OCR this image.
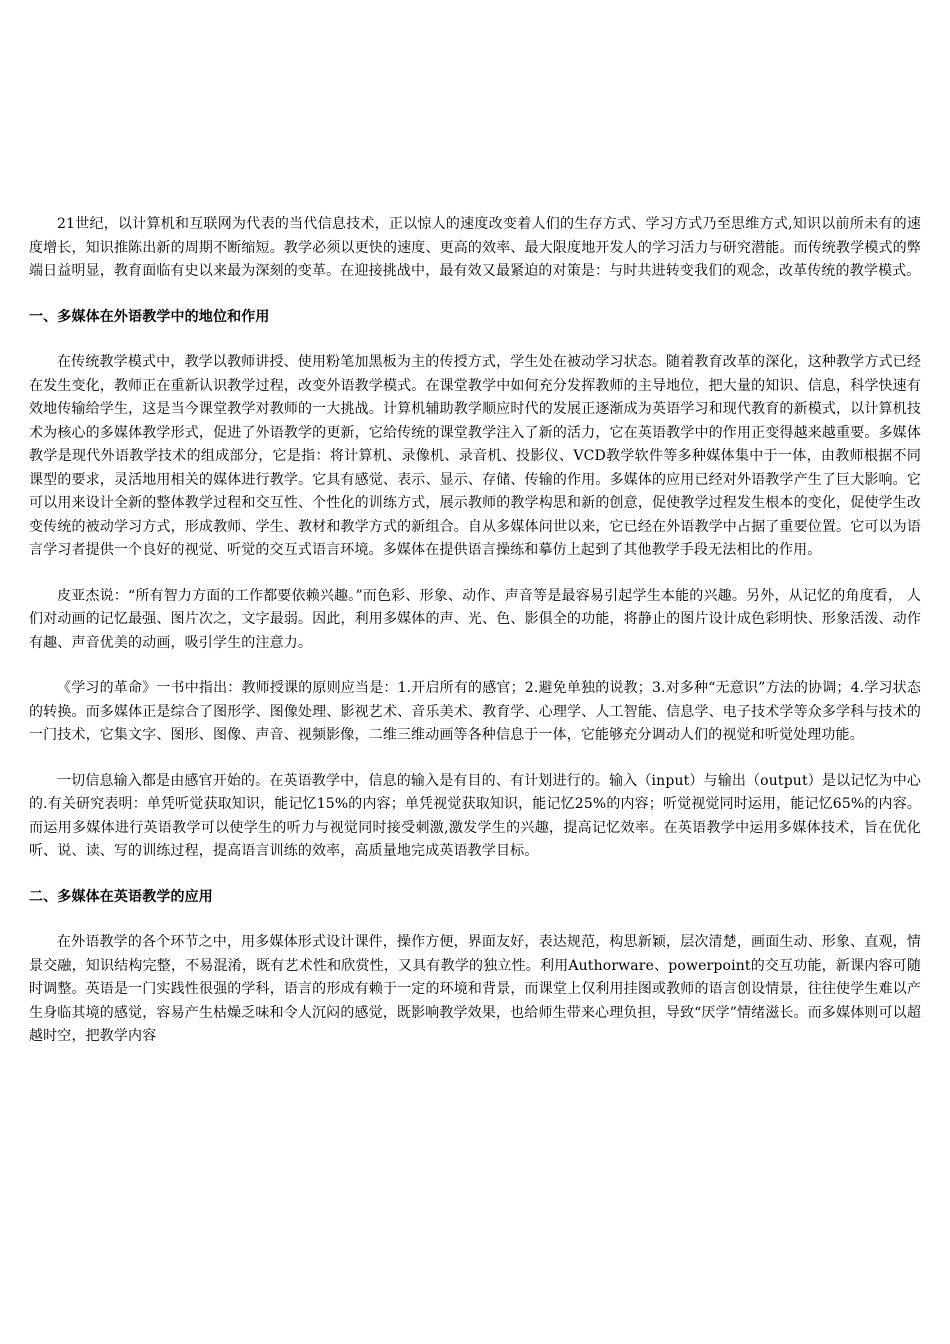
21世纪，以计算机和互联网为代表的当代信息技术，正以惊人的速度改变着人们的生存方式、学习方式乃至思维方式,知识以前所未有的速度增长，知识推陈出新的周期不断缩短。教学必须以更快的速度、更高的效率、最大限度地开发人的学习活力与研究潜能。而传统教学模式的弊端日益明显，教育面临有史以来最为深刻的变革。在迎接挑战中，最有效又最紧迫的对策是：与时共进转变我们的观念，改革传统的教学模式。

一、多媒体在外语教学中的地位和作用

在传统教学模式中，教学以教师讲授、使用粉笔加黑板为主的传授方式，学生处在被动学习状态。随着教育改革的深化，这种教学方式已经在发生变化，教师正在重新认识教学过程，改变外语教学模式。在课堂教学中如何充分发挥教师的主导地位，把大量的知识、信息，科学快速有效地传输给学生，这是当今课堂教学对教师的一大挑战。计算机辅助教学顺应时代的发展正逐渐成为英语学习和现代教育的新模式，以计算机技术为核心的多媒体教学形式，促进了外语教学的更新，它给传统的课堂教学注入了新的活力，它在英语教学中的作用正变得越来越重要。多媒体教学是现代外语教学技术的组成部分，它是指：将计算机、录像机、录音机、投影仪、VCD教学软件等多种媒体集中于一体，由教师根据不同课型的要求，灵活地用相关的媒体进行教学。它具有感觉、表示、显示、存储、传输的作用。多媒体的应用已经对外语教学产生了巨大影响。它可以用来设计全新的整体教学过程和交互性、个性化的训练方式，展示教师的教学构思和新的创意，促使教学过程发生根本的变化，促使学生改变传统的被动学习方式，形成教师、学生、教材和教学方式的新组合。自从多媒体问世以来，它已经在外语教学中占据了重要位置。它可以为语言学习者提供一个良好的视觉、听觉的交互式语言环境。多媒体在提供语言操练和摹仿上起到了其他教学手段无法相比的作用。

皮亚杰说：“所有智力方面的工作都要依赖兴趣。”而色彩、形象、动作、声音等是最容易引起学生本能的兴趣。另外，从记忆的角度看， 人们对动画的记忆最强、图片次之，文字最弱。因此，利用多媒体的声、光、色、影俱全的功能，将静止的图片设计成色彩明快、形象活泼、动作有趣、声音优美的动画，吸引学生的注意力。

《学习的革命》一书中指出：教师授课的原则应当是：1.开启所有的感官；2.避免单独的说教；3.对多种“无意识”方法的协调；4.学习状态的转换。而多媒体正是综合了图形学、图像处理、影视艺术、音乐美术、教育学、心理学、人工智能、信息学、电子技术学等众多学科与技术的一门技术，它集文字、图形、图像、声音、视频影像，二维三维动画等各种信息于一体，它能够充分调动人们的视觉和听觉处理功能。

一切信息输入都是由感官开始的。在英语教学中，信息的输入是有目的、有计划进行的。输入（input）与输出（output）是以记忆为中心的.有关研究表明：单凭听觉获取知识，能记忆15%的内容；单凭视觉获取知识，能记忆25%的内容；听觉视觉同时运用，能记忆65%的内容。而运用多媒体进行英语教学可以使学生的听力与视觉同时接受刺激,激发学生的兴趣，提高记忆效率。在英语教学中运用多媒体技术，旨在优化听、说、读、写的训练过程，提高语言训练的效率，高质量地完成英语教学目标。

二、多媒体在英语教学的应用

在外语教学的各个环节之中，用多媒体形式设计课件，操作方便，界面友好，表达规范，构思新颖，层次清楚，画面生动、形象、直观，情景交融，知识结构完整，不易混淆，既有艺术性和欣赏性，又具有教学的独立性。利用Authorware、powerpoint的交互功能，新课内容可随时调整。英语是一门实践性很强的学科，语言的形成有赖于一定的环境和背景，而课堂上仅利用挂图或教师的语言创设情景，往往使学生难以产生身临其境的感觉，容易产生枯燥乏味和令人沉闷的感觉，既影响教学效果，也给师生带来心理负担，导致“厌学”情绪滋长。而多媒体则可以超越时空，把教学内容
